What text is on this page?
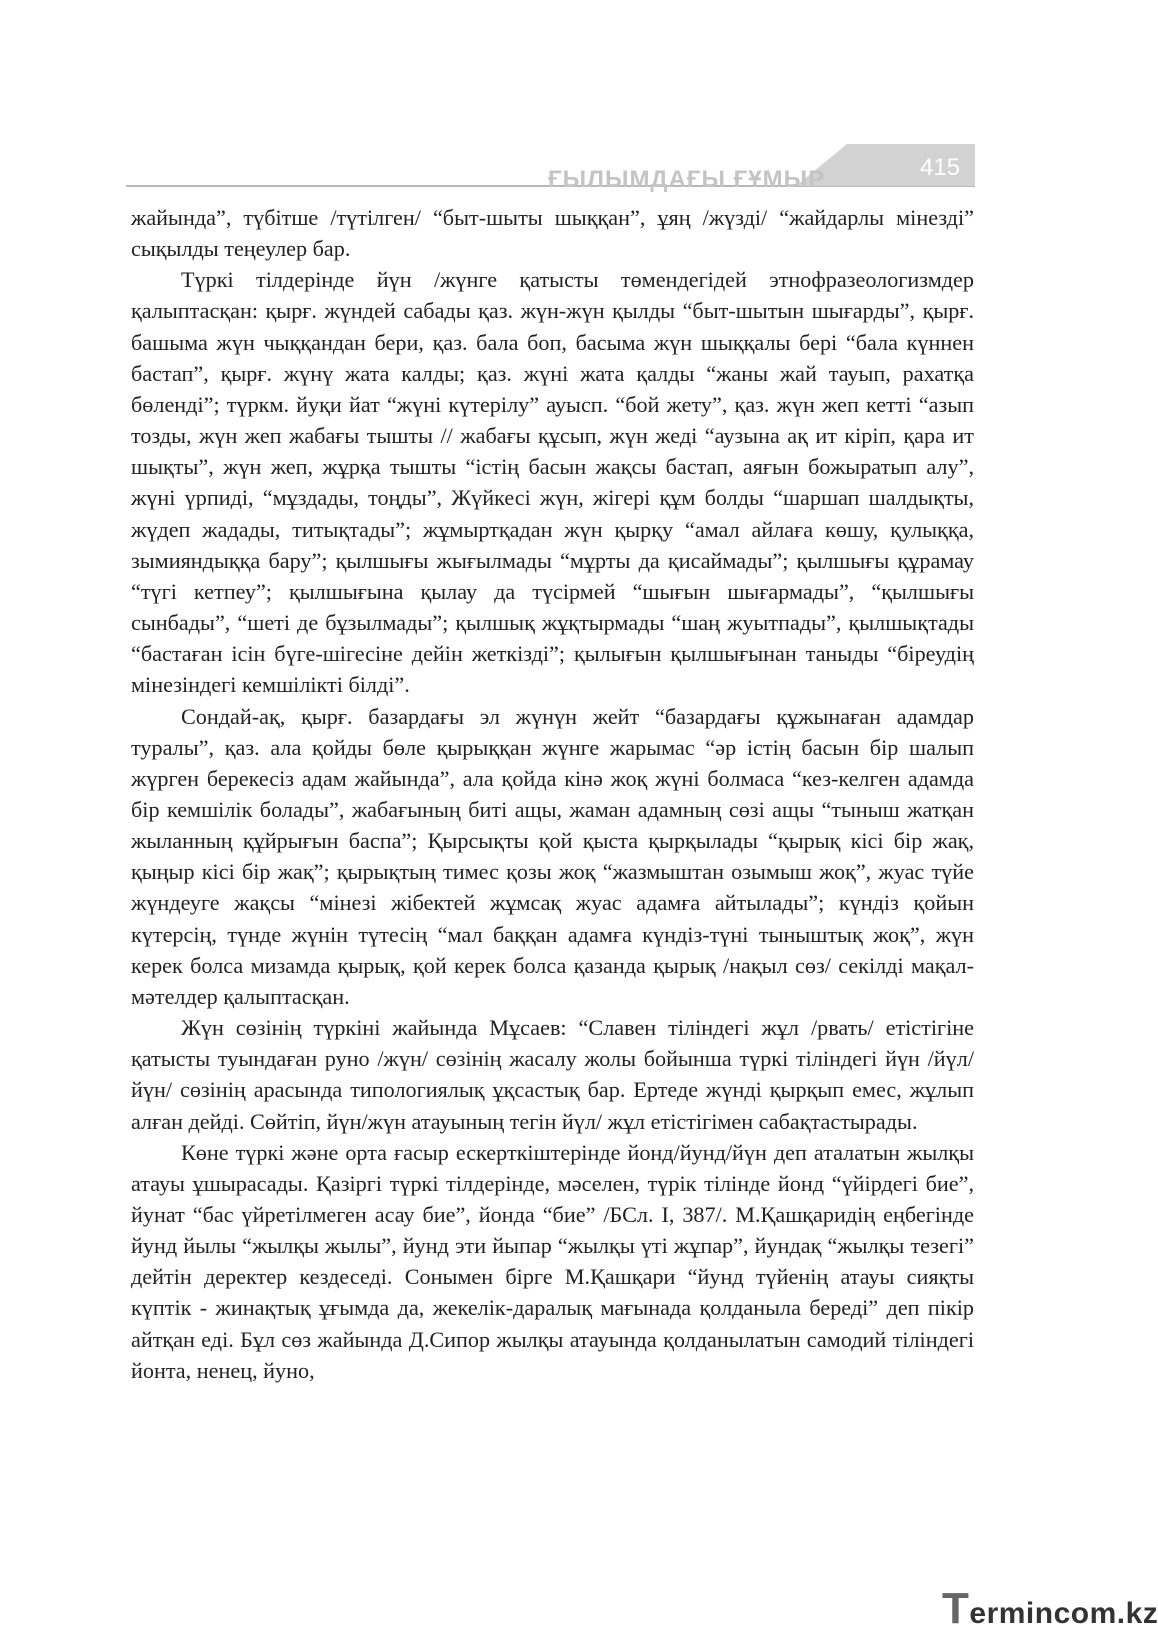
ҒЫЛЫМДАҒЫ ҒҰМЫР	415

жайында”, түбітше /түтілген/ “быт-шыты шыққан”, ұяң /жүзді/ “жайдарлы мінезді” сықылды теңеулер бар.

Түркі тілдерінде йүн /жүнге қатысты төмендегідей этнофразеологизмдер қалыптасқан: қырғ. жүндей сабады қаз. жүн-жүн қылды “быт-шытын шығарды”, қырғ. башыма жүн чыққандан бери, қаз. бала боп, басыма жүн шыққалы бері “бала күннен бастап”, қырғ. жүнү жата калды; қаз. жүні жата қалды “жаны жай тауып, рахатқа бөленді”; түркм. йуқи йат “жүні күтерілу” ауысп. “бой жету”, қаз. жүн жеп кетті “азып тозды, жүн жеп жабағы тышты // жабағы құсып, жүн жеді “аузына ақ ит кіріп, қара ит шықты”, жүн жеп, жұрқа тышты “істің басын жақсы бастап, аяғын божыратып алу”, жүні үрпиді, “мұздады, тоңды”, Жүйкесі жүн, жігері құм болды “шаршап шалдықты, жүдеп жадады, титықтады”; жұмыртқадан жүн қырқу “амал айлаға көшу, қулыққа, зымияндыққа бару”; қылшығы жығылмады “мұрты да қисаймады”; қылшығы құрамау “түгі кетпеу”; қылшығына қылау да түсірмей “шығын шығармады”, “қылшығы сынбады”, “шеті де бұзылмады”; қылшық жұқтырмады “шаң жуытпады”, қылшықтады “бастаған ісін бүге-шігесіне дейін жеткізді”; қылығын қылшығынан таныды “біреудің мінезіндегі кемшілікті білді”.

Сондай-ақ, қырғ. базардағы эл жүнүн жейт “базардағы құжынаған адамдар туралы”, қаз. ала қойды бөле қырыққан жүнге жарымас “әр істің басын бір шалып жүрген берекесіз адам жайында”, ала қойда кінә жоқ жүні болмаса “кез-келген адамда бір кемшілік болады”, жабағының биті ащы, жаман адамның сөзі ащы “тыныш жатқан жыланның құйрығын баспа”; Қырсықты қой қыста қырқылады “қырық кісі бір жақ, қыңыр кісі бір жақ”; қырықтың тимес қозы жоқ “жазмыштан озымыш жоқ”, жуас түйе жүндеуге жақсы “мінезі жібектей жұмсақ жуас адамға айтылады”; күндіз қойын күтерсің, түнде жүнін түтесің “мал баққан адамға күндіз-түні тыныштық жоқ”, жүн керек болса мизамда қырық, қой керек болса қазанда қырық /нақыл сөз/ секілді мақал-мәтелдер қалыптасқан.

Жүн сөзінің түркіні жайында Мұсаев: “Славен тіліндегі жұл /рвать/ етістігіне қатысты туындаған руно /жүн/ сөзінің жасалу жолы бойынша түркі тіліндегі йүн /йүл/йүн/ сөзінің арасында типологиялық ұқсастық бар. Ертеде жүнді қырқып емес, жұлып алған дейді. Сөйтіп, йүн/жүн атауының тегін йүл/ жұл етістігімен сабақтастырады.

Көне түркі және орта ғасыр ескерткіштерінде йонд/йунд/йүн деп аталатын жылқы атауы ұшырасады. Қазіргі түркі тілдерінде, мәселен, түрік тілінде йонд “үйірдегі бие”, йунат “бас үйретілмеген асау бие”, йонда “бие” /БСл. I, 387/. М.Қашқаридің еңбегінде йунд йылы “жылқы жылы”, йунд эти йыпар “жылқы үті жұпар”, йундақ “жылқы тезегі” дейтін деректер кездеседі. Сонымен бірге М.Қашқари “йунд түйенің атауы сияқты күптік - жинақтық ұғымда да, жекелік-даралық мағынада қолданыла береді” деп пікір айтқан еді. Бұл сөз жайында Д.Сипор жылқы атауында қолданылатын самодий тіліндегі йонта, ненец, йуно,

Termincom.kz
